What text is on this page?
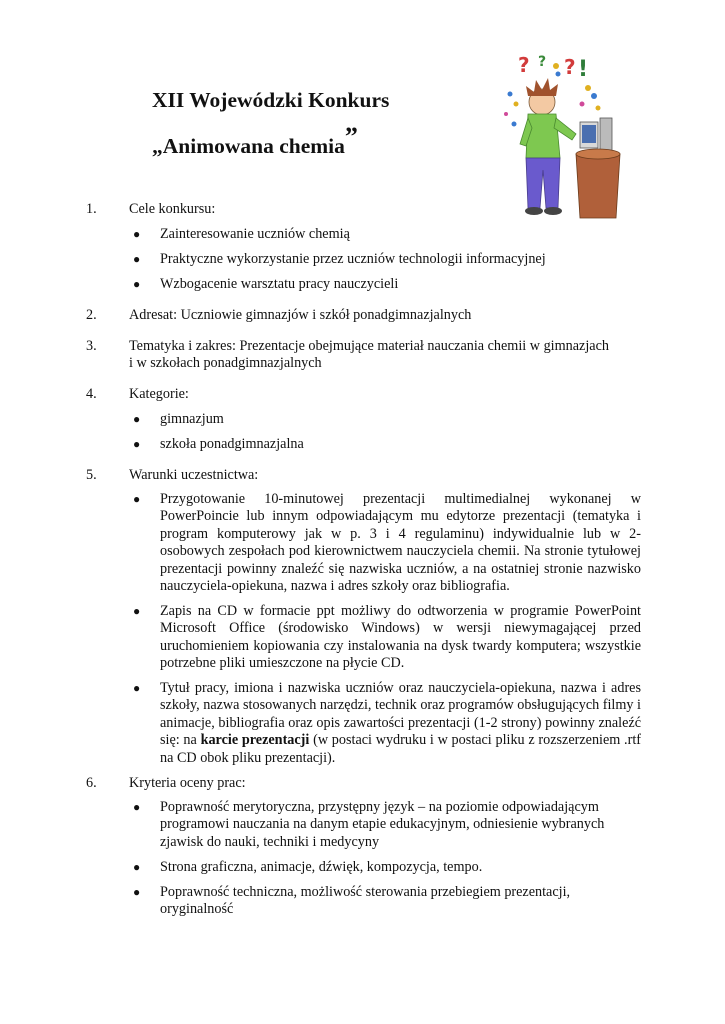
XII Wojewódzki Konkurs
„Animowana chemia”
? ? ? !
1. Cele konkursu:
● Zainteresowanie uczniów chemią
● Praktyczne wykorzystanie przez uczniów technologii informacyjnej
● Wzbogacenie warsztatu pracy nauczycieli
2. Adresat: Uczniowie gimnazjów i szkół ponadgimnazjalnych
3. Tematyka i zakres: Prezentacje obejmujące materiał nauczania chemii w gimnazjach
i w szkołach ponadgimnazjalnych
4. Kategorie:
● gimnazjum
● szkoła ponadgimnazjalna
5. Warunki uczestnictwa:
● Przygotowanie 10-minutowej prezentacji multimedialnej wykonanej w PowerPoincie lub innym odpowiadającym mu edytorze prezentacji (tematyka i program komputerowy jak w p. 3 i 4 regulaminu) indywidualnie lub w 2-osobowych zespołach pod kierownictwem nauczyciela chemii. Na stronie tytułowej prezentacji powinny znaleźć się nazwiska uczniów, a na ostatniej stronie nazwisko nauczyciela-opiekuna, nazwa i adres szkoły oraz bibliografia.
● Zapis na CD w formacie ppt możliwy do odtworzenia w programie PowerPoint Microsoft Office (środowisko Windows) w wersji niewymagającej przed uruchomieniem kopiowania czy instalowania na dysk twardy komputera; wszystkie potrzebne pliki umieszczone na płycie CD.
● Tytuł pracy, imiona i nazwiska uczniów oraz nauczyciela-opiekuna, nazwa i adres szkoły, nazwa stosowanych narzędzi, technik oraz programów obsługujących filmy i animacje, bibliografia oraz opis zawartości prezentacji (1-2 strony) powinny znaleźć się: na karcie prezentacji (w postaci wydruku i w postaci pliku z rozszerzeniem .rtf na CD obok pliku prezentacji).
6. Kryteria oceny prac:
● Poprawność merytoryczna, przystępny język – na poziomie odpowiadającym programowi nauczania na danym etapie edukacyjnym, odniesienie wybranych zjawisk do nauki, techniki i medycyny
● Strona graficzna, animacje, dźwięk, kompozycja, tempo.
● Poprawność techniczna, możliwość sterowania przebiegiem prezentacji, oryginalność
